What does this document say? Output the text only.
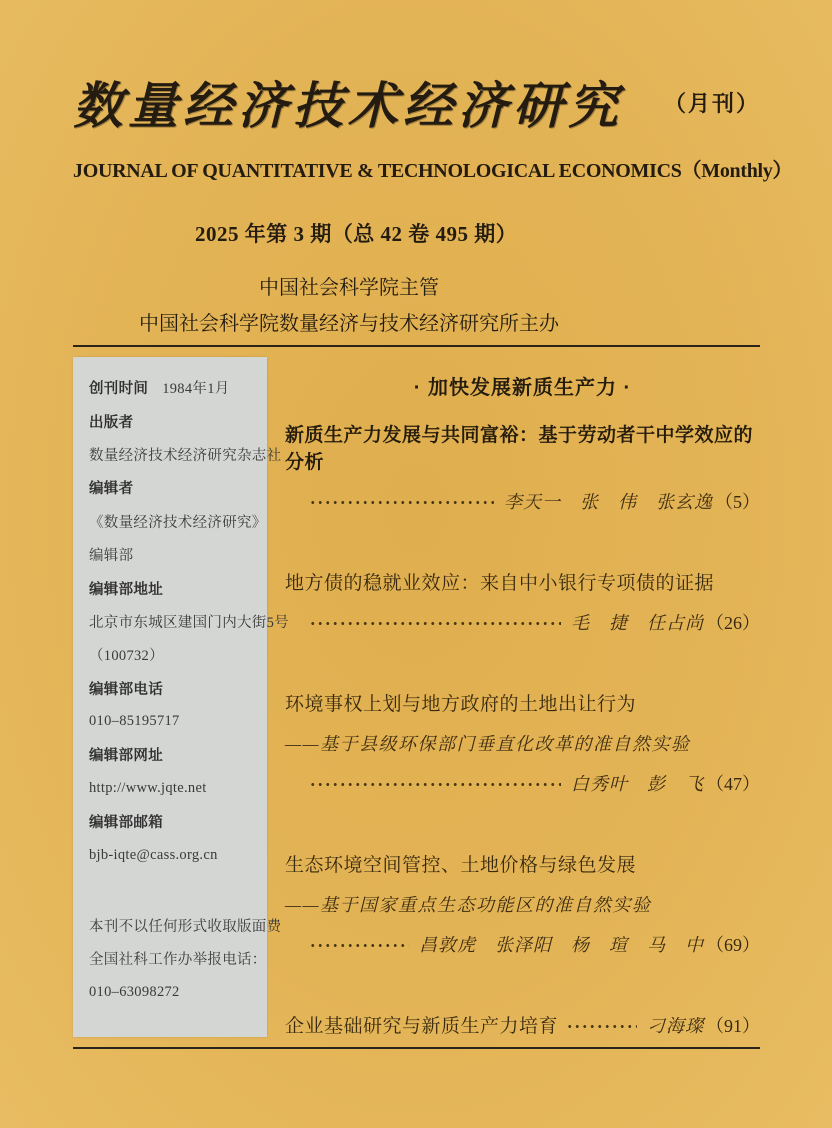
数量经济技术经济研究 （月刊）
JOURNAL OF QUANTITATIVE & TECHNOLOGICAL ECONOMICS （Monthly）
2025 年第 3 期（总 42 卷 495 期）
中国社会科学院主管
中国社会科学院数量经济与技术经济研究所主办
创刊时间 1984年1月
出版者
数量经济技术经济研究杂志社
编辑者
《数量经济技术经济研究》
编辑部
编辑部地址
北京市东城区建国门内大街5号
（100732）
编辑部电话
010–85195717
编辑部网址
http://www.jqte.net
编辑部邮箱
bjb-iqte@cass.org.cn
本刊不以任何形式收取版面费
全国社科工作办举报电话：
010–63098272
· 加快发展新质生产力 ·
新质生产力发展与共同富裕：基于劳动者干中学效应的分析
李天一　张　伟　张玄逸 （5）
地方债的稳就业效应：来自中小银行专项债的证据
毛　捷　任占尚 （26）
环境事权上划与地方政府的土地出让行为
——基于县级环保部门垂直化改革的准自然实验
白秀叶　彭　飞 （47）
生态环境空间管控、土地价格与绿色发展
——基于国家重点生态功能区的准自然实验
昌敦虎　张泽阳　杨　瑄　马　中 （69）
企业基础研究与新质生产力培育	刁海璨 （91）
